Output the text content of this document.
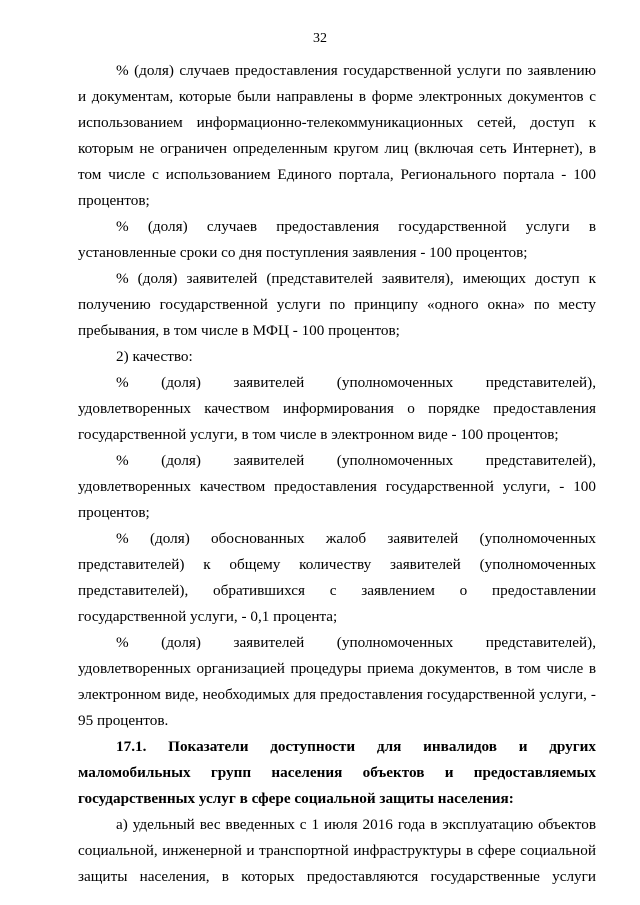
32

% (доля) случаев предоставления государственной услуги по заявлению и документам, которые были направлены в форме электронных документов с использованием информационно-телекоммуникационных сетей, доступ к которым не ограничен определенным кругом лиц (включая сеть Интернет), в том числе с использованием Единого портала, Регионального портала - 100 процентов;

% (доля) случаев предоставления государственной услуги в установленные сроки со дня поступления заявления - 100 процентов;

% (доля) заявителей (представителей заявителя), имеющих доступ к получению государственной услуги по принципу «одного окна» по месту пребывания, в том числе в МФЦ - 100 процентов;

2) качество:

% (доля) заявителей (уполномоченных представителей), удовлетворенных качеством информирования о порядке предоставления государственной услуги, в том числе в электронном виде - 100 процентов;

% (доля) заявителей (уполномоченных представителей), удовлетворенных качеством предоставления государственной услуги, - 100 процентов;

% (доля) обоснованных жалоб заявителей (уполномоченных представителей) к общему количеству заявителей (уполномоченных представителей), обратившихся с заявлением о предоставлении государственной услуги, - 0,1 процента;

% (доля) заявителей (уполномоченных представителей), удовлетворенных организацией процедуры приема документов, в том числе в электронном виде, необходимых для предоставления государственной услуги, - 95 процентов.

17.1. Показатели доступности для инвалидов и других маломобильных групп населения объектов и предоставляемых государственных услуг в сфере социальной защиты населения:

а) удельный вес введенных с 1 июля 2016 года в эксплуатацию объектов социальной, инженерной и транспортной инфраструктуры в сфере социальной защиты населения, в которых предоставляются государственные услуги
